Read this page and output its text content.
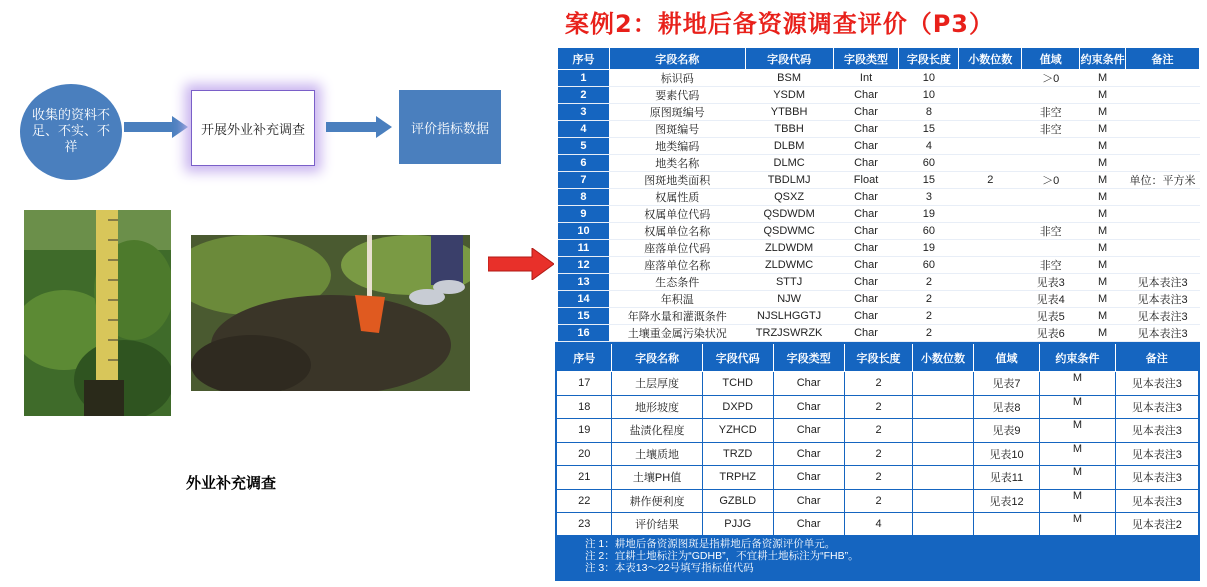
案例2：耕地后备资源调查评价（P3）
收集的资料不足、不实、不祥
开展外业补充调查	评价指标数据
外业补充调查
序号	字段名称	字段代码	字段类型	字段长度	小数位数	值域	约束条件	备注
1	标识码	BSM	Int	10		＞0	M	
2	要素代码	YSDM	Char	10			M	
3	原图斑编号	YTBBH	Char	8		非空	M	
4	图斑编号	TBBH	Char	15		非空	M	
5	地类编码	DLBM	Char	4			M	
6	地类名称	DLMC	Char	60			M	
7	图斑地类面积	TBDLMJ	Float	15	2	＞0	M	单位：平方米
8	权属性质	QSXZ	Char	3			M	
9	权属单位代码	QSDWDM	Char	19			M	
10	权属单位名称	QSDWMC	Char	60		非空	M	
11	座落单位代码	ZLDWDM	Char	19			M	
12	座落单位名称	ZLDWMC	Char	60		非空	M	
13	生态条件	STTJ	Char	2		见表3	M	见本表注3
14	年积温	NJW	Char	2		见表4	M	见本表注3
15	年降水量和灌溉条件	NJSLHGGTJ	Char	2		见表5	M	见本表注3
16	土壤重金属污染状况	TRZJSWRZK	Char	2		见表6	M	见本表注3
序号	字段名称	字段代码	字段类型	字段长度	小数位数	值域	约束条件	备注
17	土层厚度	TCHD	Char	2		见表7	M	见本表注3
18	地形坡度	DXPD	Char	2		见表8	M	见本表注3
19	盐渍化程度	YZHCD	Char	2		见表9	M	见本表注3
20	土壤质地	TRZD	Char	2		见表10	M	见本表注3
21	土壤PH值	TRPHZ	Char	2		见表11	M	见本表注3
22	耕作便利度	GZBLD	Char	2		见表12	M	见本表注3
23	评价结果	PJJG	Char	4			M	见本表注2
注 1：耕地后备资源图斑是指耕地后备资源评价单元。
注 2：宜耕土地标注为“GDHB”，不宜耕土地标注为“FHB”。
注 3：本表13～22号填写指标值代码
